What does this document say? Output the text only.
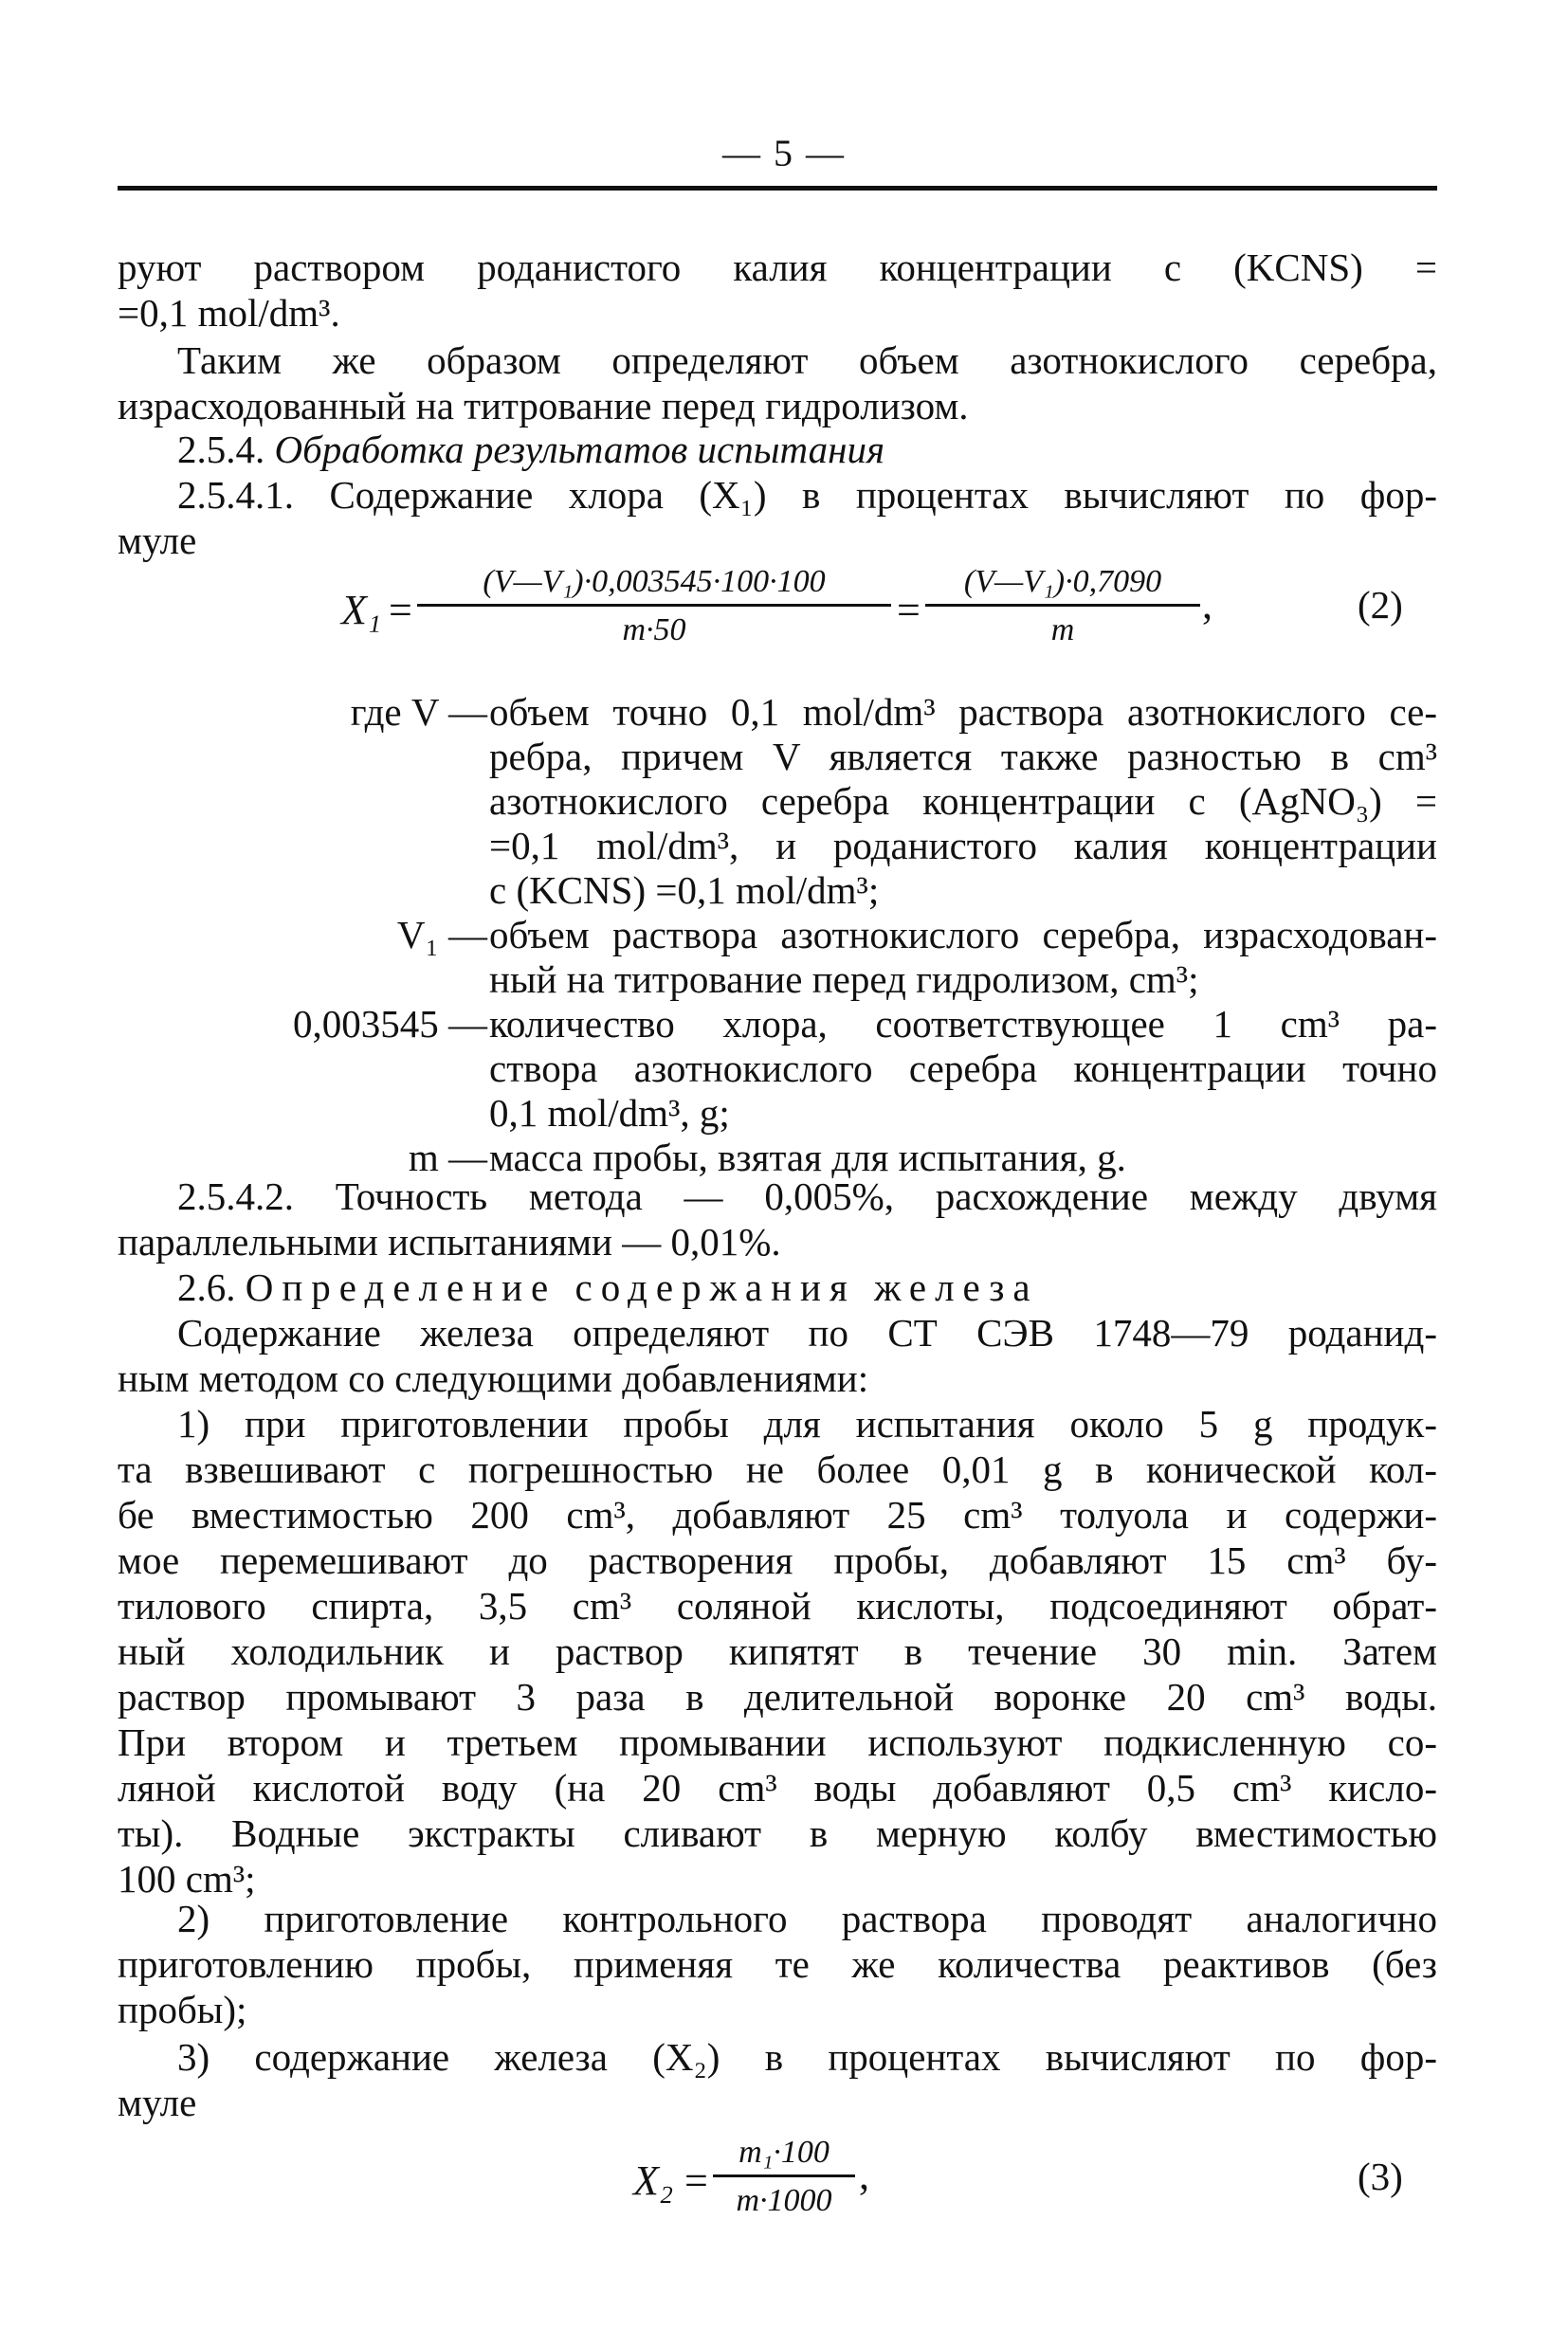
— 5 —
руют раствором роданистого калия концентрации c (KCNS) =
=0,1 mol/dm³.
Таким же образом определяют объем азотнокислого серебра,
израсходованный на титрование перед гидролизом.
2.5.4. Обработка результатов испытания
2.5.4.1. Содержание хлора (X₁) в процентах вычисляют по фор-
муле
$X_1 = \frac{\text{(V—V₁)·0,003545·100·100}}{m\cdot 50} = \frac{\text{(V—V₁)·0,7090}}{m}$ ,	(2)
где V — объем точно 0,1 mol/dm³ раствора азотнокислого се-
ребра, причем V является также разностью в cm³
азотнокислого серебра концентрации c (AgNO₃) =
=0,1 mol/dm³, и роданистого калия концентрации
c (KCNS) =0,1 mol/dm³;
V₁ — объем раствора азотнокислого серебра, израсходован-
ный на титрование перед гидролизом, cm³;
0,003545 — количество хлора, соответствующее 1 cm³ ра-
створа азотнокислого серебра концентрации точно
0,1 mol/dm³, g;
m — масса пробы, взятая для испытания, g.
2.5.4.2. Точность метода — 0,005%, расхождение между двумя
параллельными испытаниями — 0,01%.
2.6. Определение содержания железа
Содержание железа определяют по СТ СЭВ 1748—79 роданид-
ным методом со следующими добавлениями:
1) при приготовлении пробы для испытания около 5 g продук-
та взвешивают с погрешностью не более 0,01 g в конической кол-
бе вместимостью 200 cm³, добавляют 25 cm³ толуола и содержи-
мое перемешивают до растворения пробы, добавляют 15 cm³ бу-
тилового спирта, 3,5 cm³ соляной кислоты, подсоединяют обрат-
ный холодильник и раствор кипятят в течение 30 min. Затем
раствор промывают 3 раза в делительной воронке 20 cm³ воды.
При втором и третьем промывании используют подкисленную со-
ляной кислотой воду (на 20 cm³ воды добавляют 0,5 cm³ кисло-
ты). Водные экстракты сливают в мерную колбу вместимостью
100 cm³;
2) приготовление контрольного раствора проводят аналогично
приготовлению пробы, применяя те же количества реактивов (без
пробы);
3) содержание железа (X₂) в процентах вычисляют по фор-
муле
$X_2 = \frac{\text{m₁·100}}{m\cdot 1000}$ ,	(3)
